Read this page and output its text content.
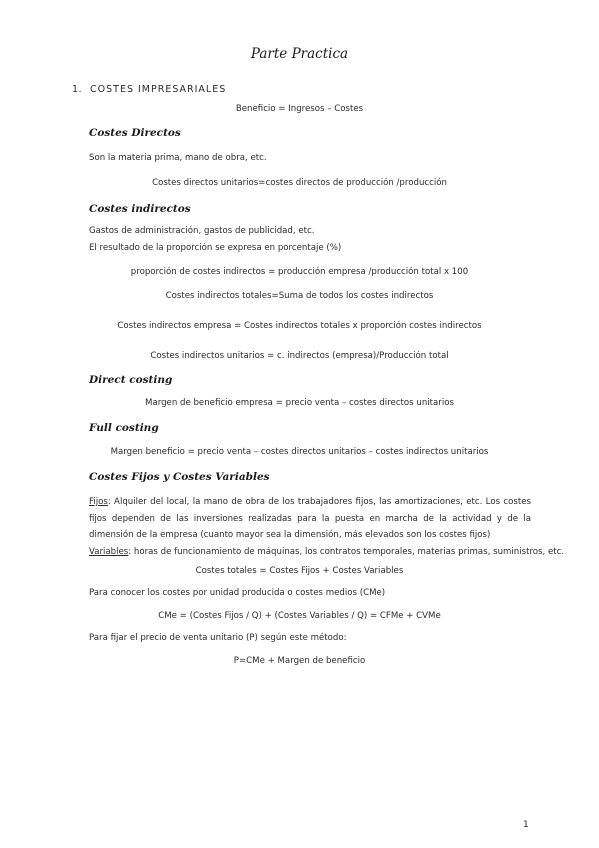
Parte Practica
1. COSTES IMPRESARIALES
Beneficio = Ingresos – Costes
Costes Directos
Son la materia prima, mano de obra, etc.
Costes directos unitarios=costes directos de producción /producción
Costes indirectos
Gastos de administración, gastos de publicidad, etc.
El resultado de la proporción se expresa en porcentaje (%)
proporción de costes indirectos = producción empresa /producción total x 100
Costes indirectos totales=Suma de todos los costes indirectos
Costes indirectos empresa = Costes indirectos totales x proporción costes indirectos
Costes indirectos unitarios = c. indirectos (empresa)/Producción total
Direct costing
Margen de beneficio empresa = precio venta – costes directos unitarios
Full costing
Margen beneficio = precio venta – costes directos unitarios – costes indirectos unitarios
Costes Fijos y Costes Variables
Fijos: Alquiler del local, la mano de obra de los trabajadores fijos, las amortizaciones, etc. Los costes fijos dependen de las inversiones realizadas para la puesta en marcha de la actividad y de la dimensión de la empresa (cuanto mayor sea la dimensión, más elevados son los costes fijos)
Variables: horas de funcionamiento de máquinas, los contratos temporales, materias primas, suministros, etc.
Costes totales = Costes Fijos + Costes Variables
Para conocer los costes por unidad producida o costes medios (CMe)
CMe = (Costes Fijos / Q) + (Costes Variables / Q) = CFMe + CVMe
Para fijar el precio de venta unitario (P) según este método:
P=CMe + Margen de beneficio
1
